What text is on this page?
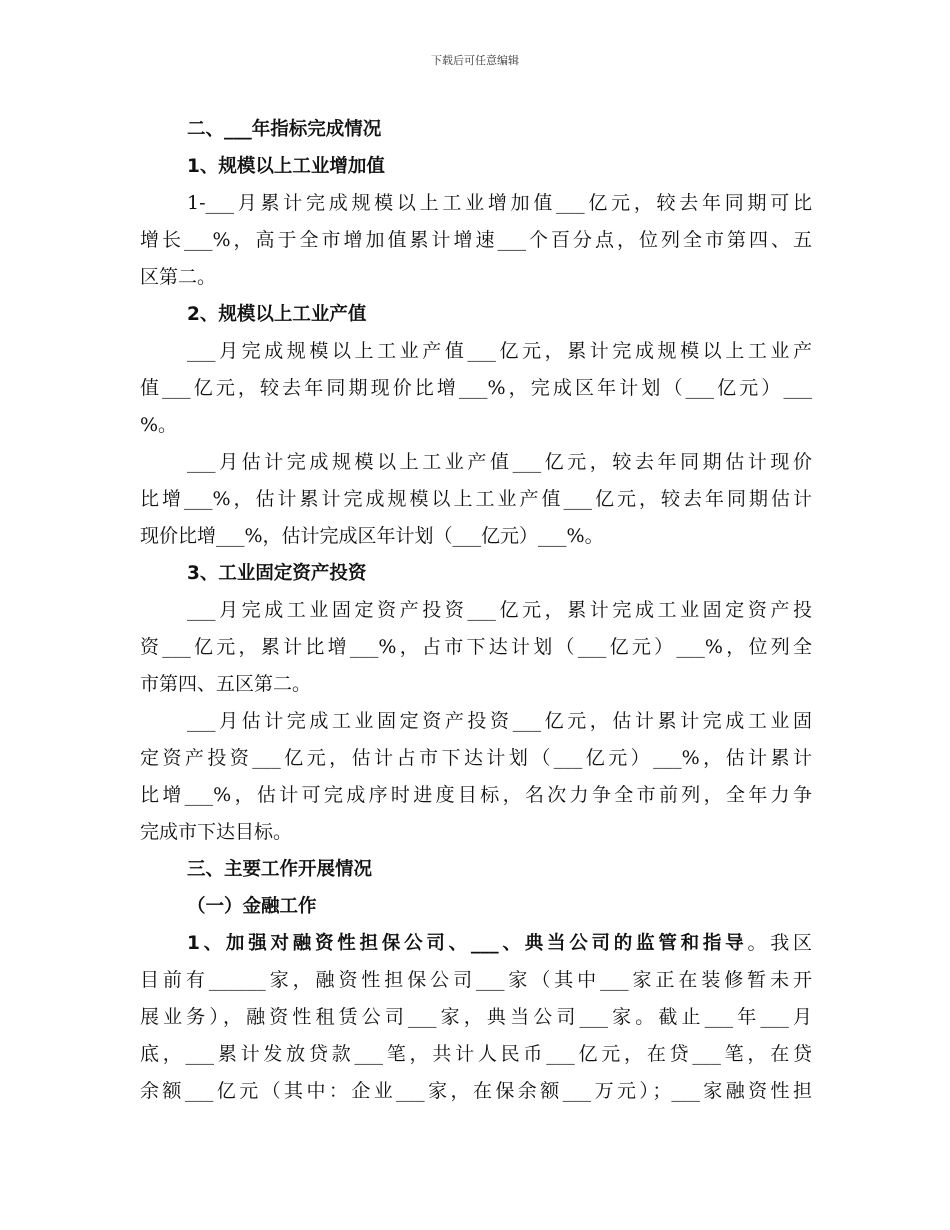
下载后可任意编辑
二、___年指标完成情况
1、规模以上工业增加值
1-___月累计完成规模以上工业增加值___亿元，较去年同期可比
增长___%，高于全市增加值累计增速___个百分点，位列全市第四、五
区第二。
2、规模以上工业产值
___月完成规模以上工业产值___亿元，累计完成规模以上工业产
值___亿元，较去年同期现价比增___%，完成区年计划（___亿元）___
%。
___月估计完成规模以上工业产值___亿元，较去年同期估计现价
比增___%，估计累计完成规模以上工业产值___亿元，较去年同期估计
现价比增___%，估计完成区年计划（___亿元）___%。
3、工业固定资产投资
___月完成工业固定资产投资___亿元，累计完成工业固定资产投
资___亿元，累计比增___%，占市下达计划（___亿元）___%，位列全
市第四、五区第二。
___月估计完成工业固定资产投资___亿元，估计累计完成工业固
定资产投资___亿元，估计占市下达计划（___亿元）___%，估计累计
比增___%，估计可完成序时进度目标，名次力争全市前列，全年力争
完成市下达目标。
三、主要工作开展情况
（一）金融工作
1、加强对融资性担保公司、___、典当公司的监管和指导。我区
目前有______家，融资性担保公司___家（其中___家正在装修暂未开
展业务），融资性租赁公司___家，典当公司___家。截止___年___月
底，___累计发放贷款___笔，共计人民币___亿元，在贷___笔，在贷
余额___亿元（其中：企业___家，在保余额___万元）；___家融资性担
